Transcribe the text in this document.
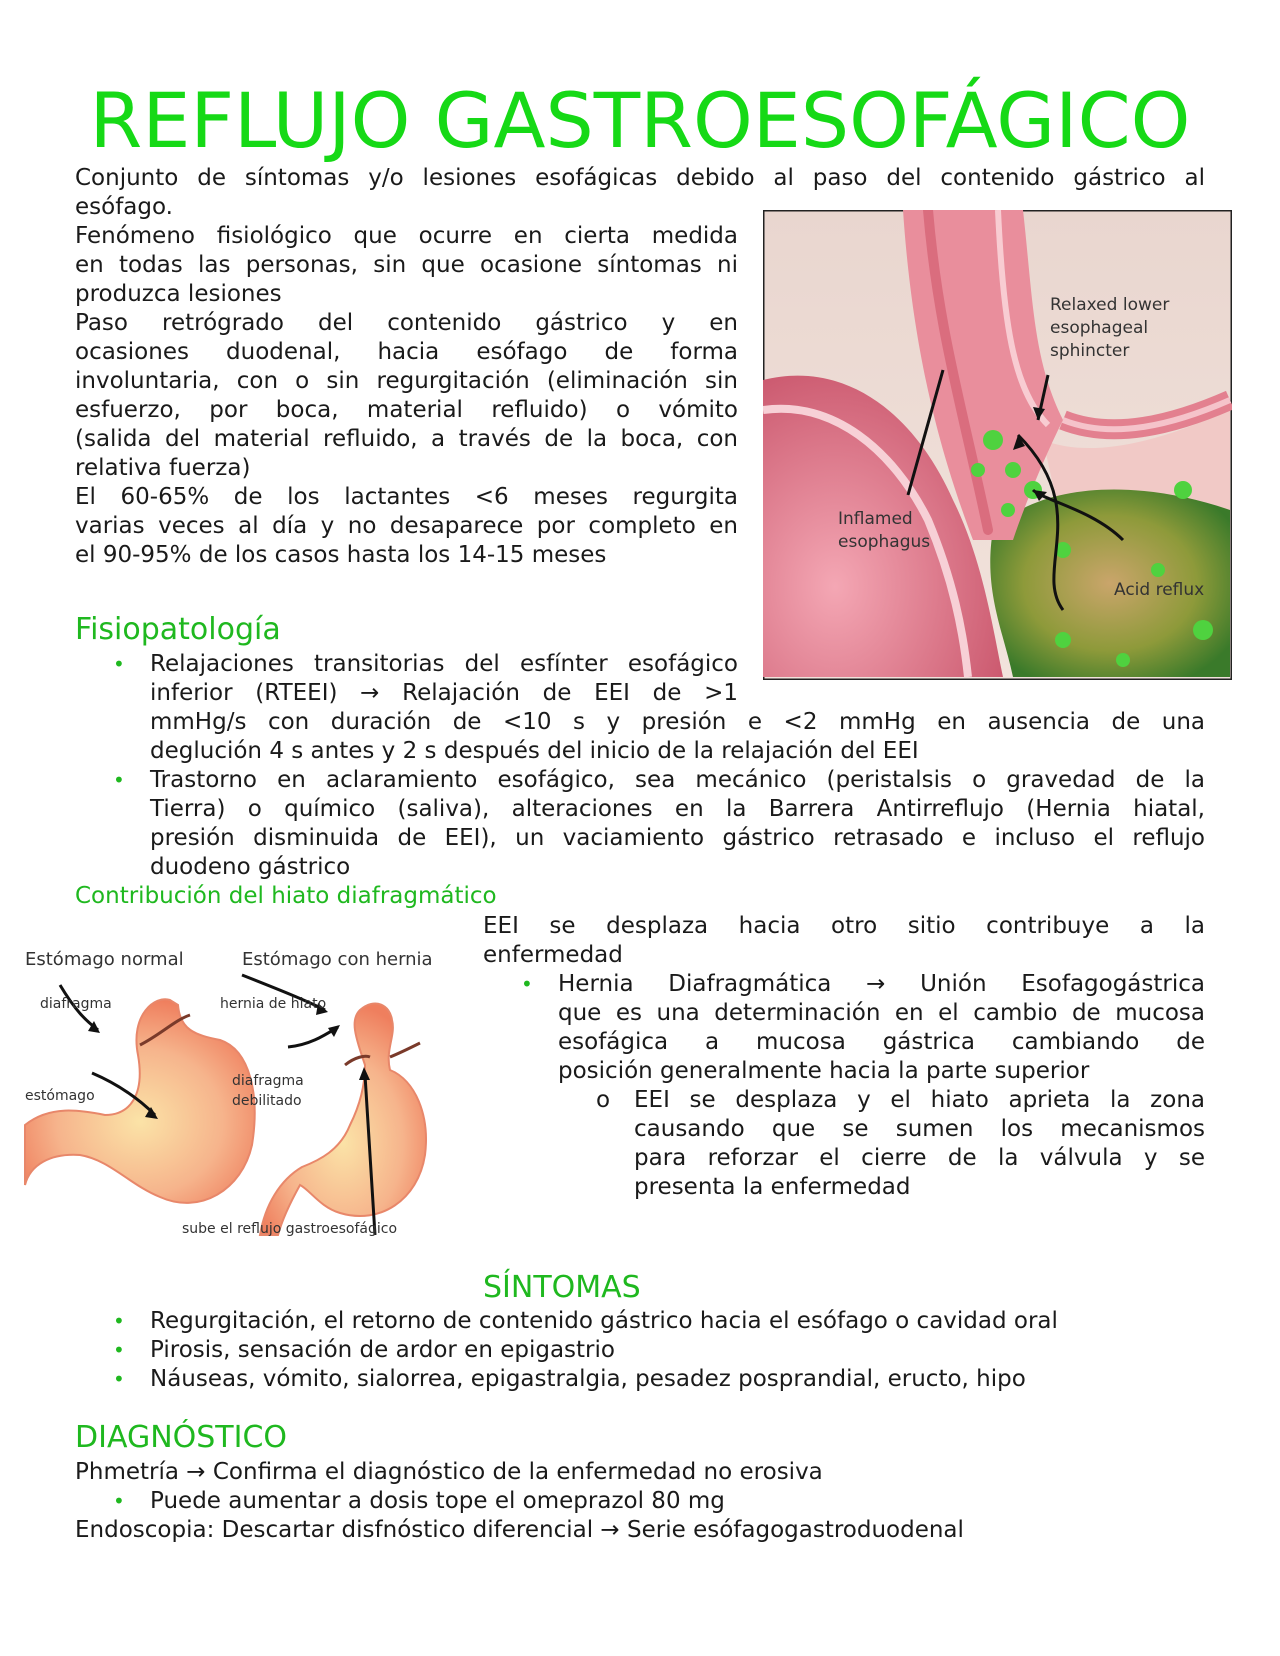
REFLUJO GASTROESOFÁGICO
Conjunto de síntomas y/o lesiones esofágicas debido al paso del contenido gástrico al
esófago.
Fenómeno fisiológico que ocurre en cierta medida
en todas las personas, sin que ocasione síntomas ni
produzca lesiones
Paso retrógrado del contenido gástrico y en
ocasiones duodenal, hacia esófago de forma
involuntaria, con o sin regurgitación (eliminación sin
esfuerzo, por boca, material refluido) o vómito
(salida del material refluido, a través de la boca, con
relativa fuerza)
El 60-65% de los lactantes <6 meses regurgita
varias veces al día y no desaparece por completo en
el 90-95% de los casos hasta los 14-15 meses
Relaxed lower
esophageal
sphincter
Inflamed
esophagus
Acid reflux
Fisiopatología
• Relajaciones transitorias del esfínter esofágico
inferior (RTEEI) → Relajación de EEI de >1
mmHg/s con duración de <10 s y presión e <2 mmHg en ausencia de una
deglución 4 s antes y 2 s después del inicio de la relajación del EEI
• Trastorno en aclaramiento esofágico, sea mecánico (peristalsis o gravedad de la
Tierra) o químico (saliva), alteraciones en la Barrera Antirreflujo (Hernia hiatal,
presión disminuida de EEI), un vaciamiento gástrico retrasado e incluso el reflujo
duodeno gástrico
Contribución del hiato diafragmático
Estómago normal	Estómago con hernia
diafragma
estómago
hernia de hiato
diafragma
debilitado
sube el reflujo gastroesofágico
EEI se desplaza hacia otro sitio contribuye a la
enfermedad
• Hernia Diafragmática → Unión Esofagogástrica
que es una determinación en el cambio de mucosa
esofágica a mucosa gástrica cambiando de
posición generalmente hacia la parte superior
o EEI se desplaza y el hiato aprieta la zona
causando que se sumen los mecanismos
para reforzar el cierre de la válvula y se
presenta la enfermedad
SÍNTOMAS
• Regurgitación, el retorno de contenido gástrico hacia el esófago o cavidad oral
• Pirosis, sensación de ardor en epigastrio
• Náuseas, vómito, sialorrea, epigastralgia, pesadez posprandial, eructo, hipo
DIAGNÓSTICO
Phmetría → Confirma el diagnóstico de la enfermedad no erosiva
• Puede aumentar a dosis tope el omeprazol 80 mg
Endoscopia: Descartar disfnóstico diferencial → Serie esófagogastroduodenal
